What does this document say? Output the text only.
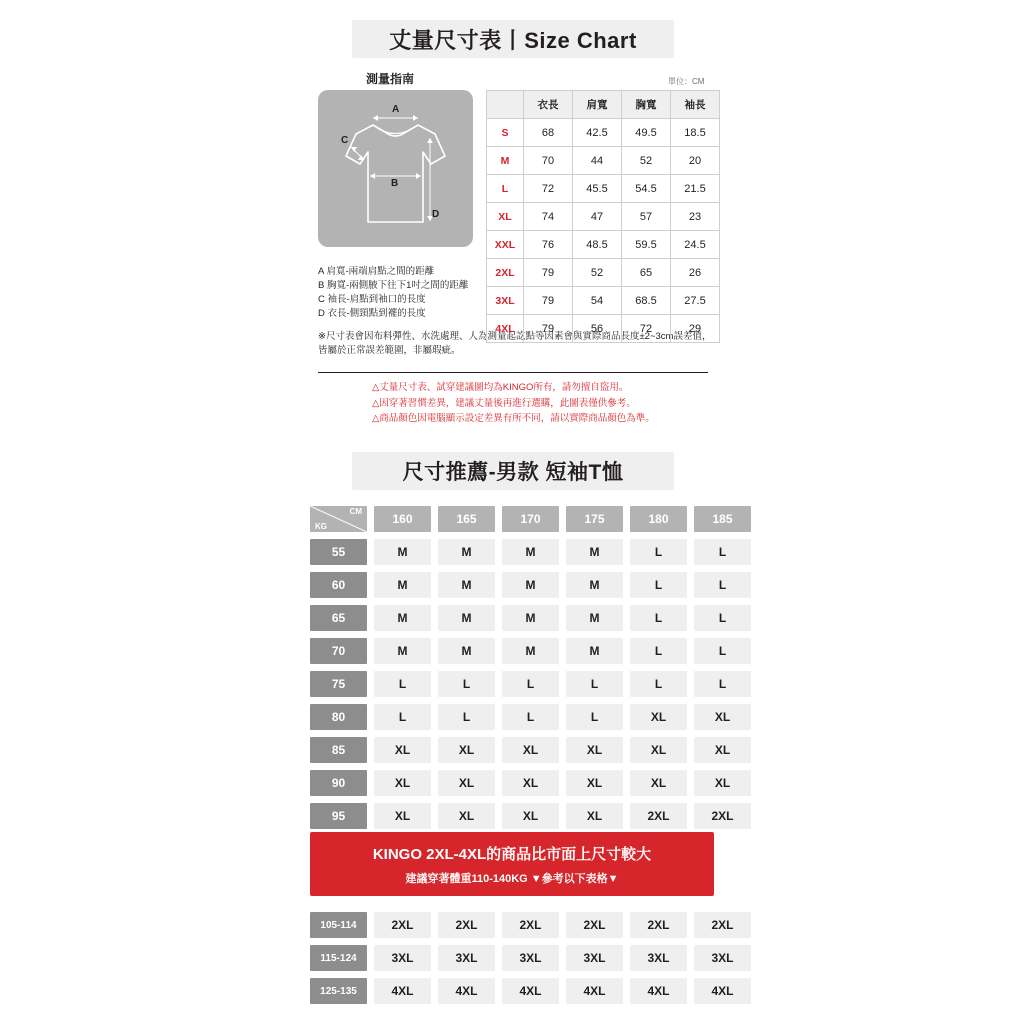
丈量尺寸表丨Size Chart
測量指南	單位：CM
A
B
C
D
A 肩寬-兩端肩點之間的距離
B 胸寬-兩側腋下往下1吋之間的距離
C 袖長-肩點到袖口的長度
D 衣長-側頸點到襬的長度
※尺寸表會因布料彈性、水洗處理、人為測量起訖點等因素會與實際商品長度±2~3cm誤差值，皆屬於正常誤差範圍，非屬瑕疵。
△丈量尺寸表、試穿建議圖均為KINGO所有，請勿擅自盜用。
△因穿著習慣差異，建議丈量後再進行選購，此圖表僅供參考。
△商品顏色因電腦顯示設定差異有所不同，請以實際商品顏色為準。
	衣長	肩寬	胸寬	袖長
S	68	42.5	49.5	18.5
M	70	44	52	20
L	72	45.5	54.5	21.5
XL	74	47	57	23
XXL	76	48.5	59.5	24.5
2XL	79	52	65	26
3XL	79	54	68.5	27.5
4XL	79	56	72	29
尺寸推薦-男款 短袖T恤
CM
KG
160	165	170	175	180	185
55	M	M	M	M	L	L
60	M	M	M	M	L	L
65	M	M	M	M	L	L
70	M	M	M	M	L	L
75	L	L	L	L	L	L
80	L	L	L	L	XL	XL
85	XL	XL	XL	XL	XL	XL
90	XL	XL	XL	XL	XL	XL
95	XL	XL	XL	XL	2XL	2XL
KINGO 2XL-4XL的商品比市面上尺寸較大
建議穿著體重110-140KG ▼參考以下表格▼
105-114	2XL	2XL	2XL	2XL	2XL	2XL
115-124	3XL	3XL	3XL	3XL	3XL	3XL
125-135	4XL	4XL	4XL	4XL	4XL	4XL
